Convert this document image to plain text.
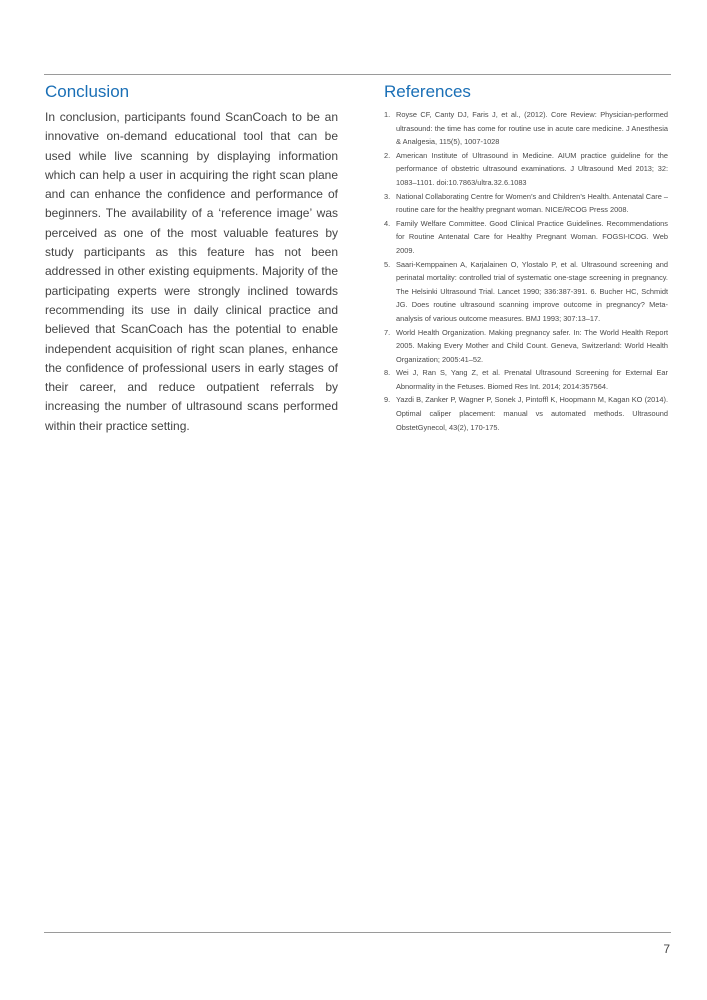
Conclusion

In conclusion, participants found ScanCoach to be an innovative on-demand educational tool that can be used while live scanning by displaying information which can help a user in acquiring the right scan plane and can enhance the confidence and performance of beginners. The availability of a ‘reference image’ was perceived as one of the most valuable features by study participants as this feature has not been addressed in other existing equipments. Majority of the participating experts were strongly inclined towards recommending its use in daily clinical practice and believed that ScanCoach has the potential to enable independent acquisition of right scan planes, enhance the confidence of professional users in early stages of their career, and reduce outpatient referrals by increasing the number of ultrasound scans performed within their practice setting.

References
1. Royse CF, Canty DJ, Faris J, et al., (2012). Core Review: Physician-performed ultrasound: the time has come for routine use in acute care medicine. J Anesthesia & Analgesia, 115(5), 1007-1028
2. American Institute of Ultrasound in Medicine. AIUM practice guideline for the performance of obstetric ultrasound examinations. J Ultrasound Med 2013; 32: 1083–1101. doi:10.7863/ultra.32.6.1083
3. National Collaborating Centre for Women’s and Children’s Health. Antenatal Care – routine care for the healthy pregnant woman. NICE/RCOG Press 2008.
4. Family Welfare Committee. Good Clinical Practice Guidelines. Recommendations for Routine Antenatal Care for Healthy Pregnant Woman. FOGSI-ICOG. Web 2009.
5. Saari-Kemppainen A, Karjalainen O, Ylostalo P, et al. Ultrasound screening and perinatal mortality: controlled trial of systematic one-stage screening in pregnancy. The Helsinki Ultrasound Trial. Lancet 1990; 336:387-391. 6. Bucher HC, Schmidt JG. Does routine ultrasound scanning improve outcome in pregnancy? Meta-analysis of various outcome measures. BMJ 1993; 307:13–17.
7. World Health Organization. Making pregnancy safer. In: The World Health Report 2005. Making Every Mother and Child Count. Geneva, Switzerland: World Health Organization; 2005:41–52.
8. Wei J, Ran S, Yang Z, et al. Prenatal Ultrasound Screening for External Ear Abnormality in the Fetuses. Biomed Res Int. 2014; 2014:357564.
9. Yazdi B, Zanker P, Wagner P, Sonek J, Pintoffl K, Hoopmann M, Kagan KO (2014). Optimal caliper placement: manual vs automated methods. Ultrasound ObstetGynecol, 43(2), 170-175.
7
